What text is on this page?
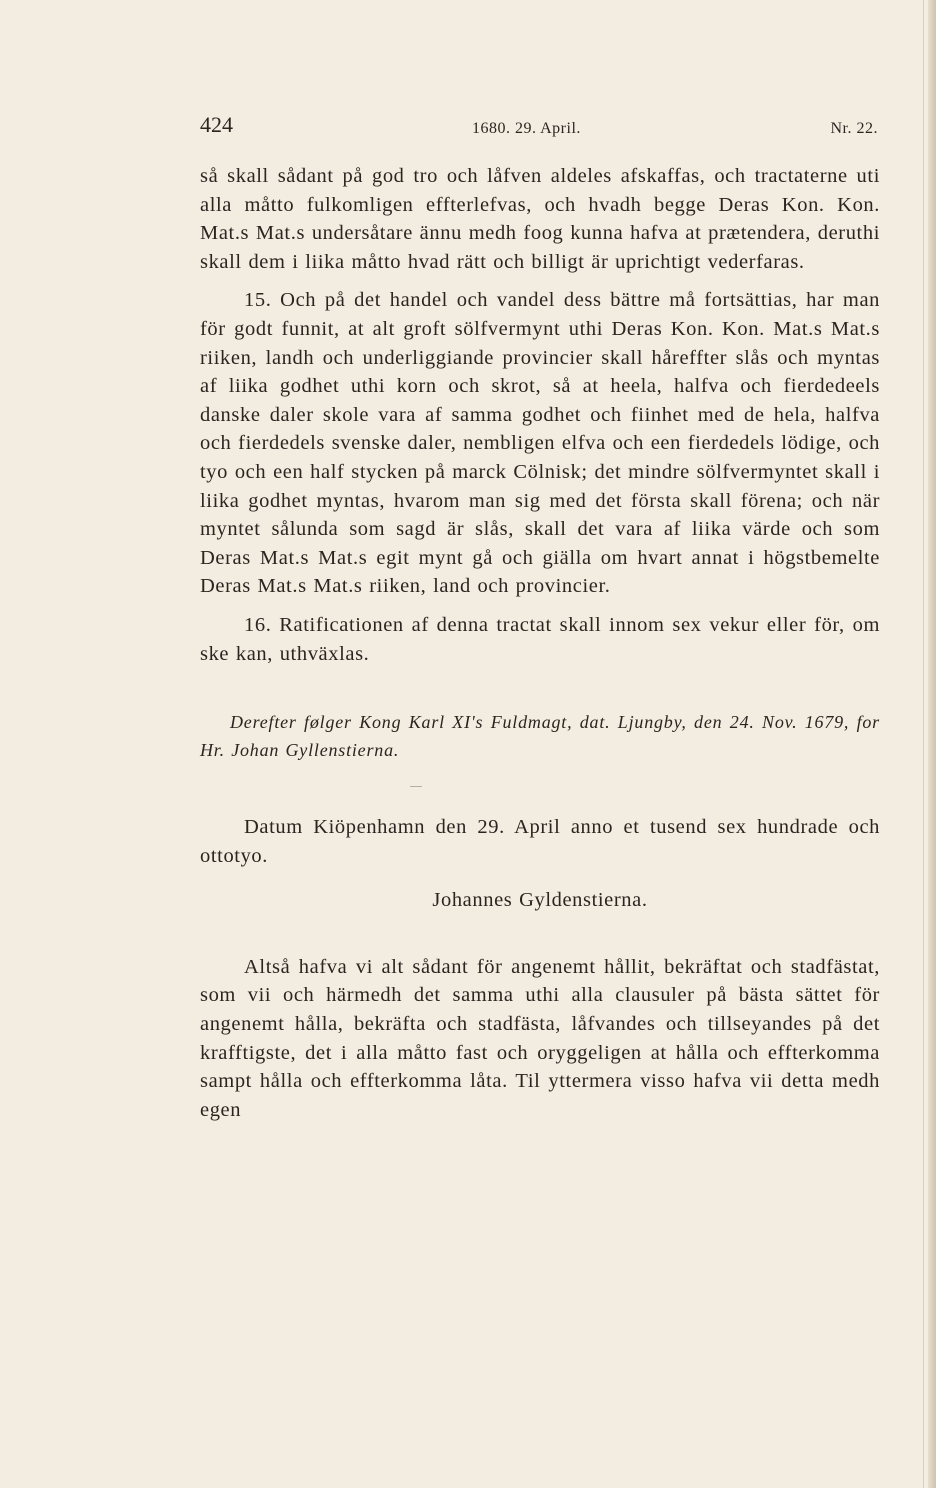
424	1680. 29. April.	Nr. 22.

så skall sådant på god tro och låfven aldeles afskaffas, och tractaterne uti alla måtto fulkomligen effterlefvas, och hvadh begge Deras Kon. Kon. Mat.s Mat.s undersåtare ännu medh foog kunna hafva at prætendera, deruthi skall dem i liika måtto hvad rätt och billigt är uprichtigt vederfaras.

15. Och på det handel och vandel dess bättre må fortsättias, har man för godt funnit, at alt groft sölfvermynt uthi Deras Kon. Kon. Mat.s Mat.s riiken, landh och underliggiande provincier skall håreffter slås och myntas af liika godhet uthi korn och skrot, så at heela, halfva och fierdedeels danske daler skole vara af samma godhet och fiinhet med de hela, halfva och fierdedels svenske daler, nembligen elfva och een fierdedels lödige, och tyo och een half stycken på marck Cölnisk; det mindre sölfvermyntet skall i liika godhet myntas, hvarom man sig med det första skall förena; och när myntet sålunda som sagd är slås, skall det vara af liika värde och som Deras Mat.s Mat.s egit mynt gå och giälla om hvart annat i högstbemelte Deras Mat.s Mat.s riiken, land och provincier.

16. Ratificationen af denna tractat skall innom sex vekur eller för, om ske kan, uthväxlas.

Derefter følger Kong Karl XI's Fuldmagt, dat. Ljungby, den 24. Nov. 1679, for Hr. Johan Gyllenstierna.

Datum Kiöpenhamn den 29. April anno et tusend sex hundrade och ottotyo.

Johannes Gyldenstierna.

Altså hafva vi alt sådant för angenemt hållit, bekräftat och stadfästat, som vii och härmedh det samma uthi alla clausuler på bästa sättet för angenemt hålla, bekräfta och stadfästa, låfvandes och tillseyandes på det krafftigste, det i alla måtto fast och oryggeligen at hålla och effterkomma sampt hålla och effterkomma låta. Til yttermera visso hafva vii detta medh egen
